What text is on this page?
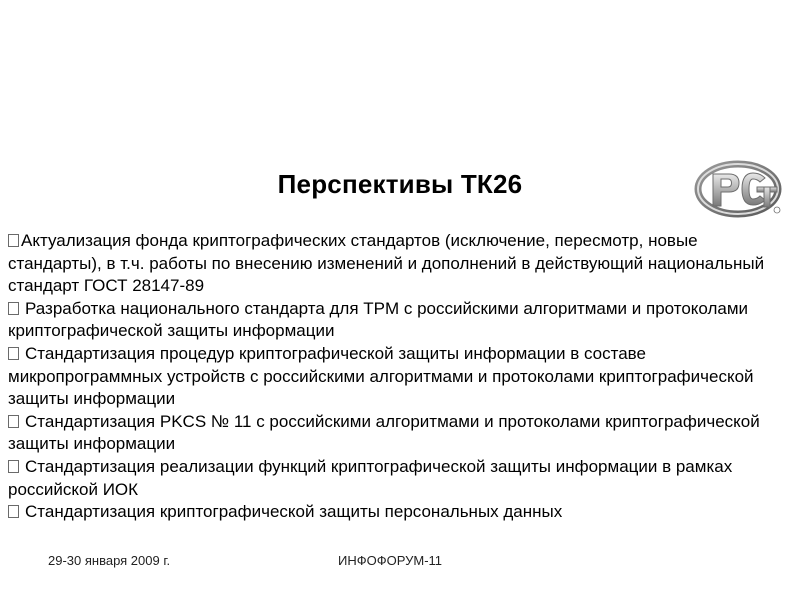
Перспективы ТК26
Актуализация фонда криптографических стандартов (исключение, пересмотр, новые стандарты), в т.ч. работы по внесению изменений и дополнений в действующий национальный стандарт ГОСТ 28147-89
Разработка национального стандарта для TPM с российскими алгоритмами и протоколами криптографической защиты информации
Стандартизация процедур криптографической защиты информации в составе микропрограммных устройств с российскими алгоритмами и протоколами криптографической защиты информации
Стандартизация PKCS № 11 с российскими алгоритмами и протоколами криптографической защиты информации
Стандартизация реализации функций криптографической защиты информации в рамках российской ИОК
Стандартизация криптографической защиты персональных данных
29-30 января 2009 г.	ИНФОФОРУМ-11
